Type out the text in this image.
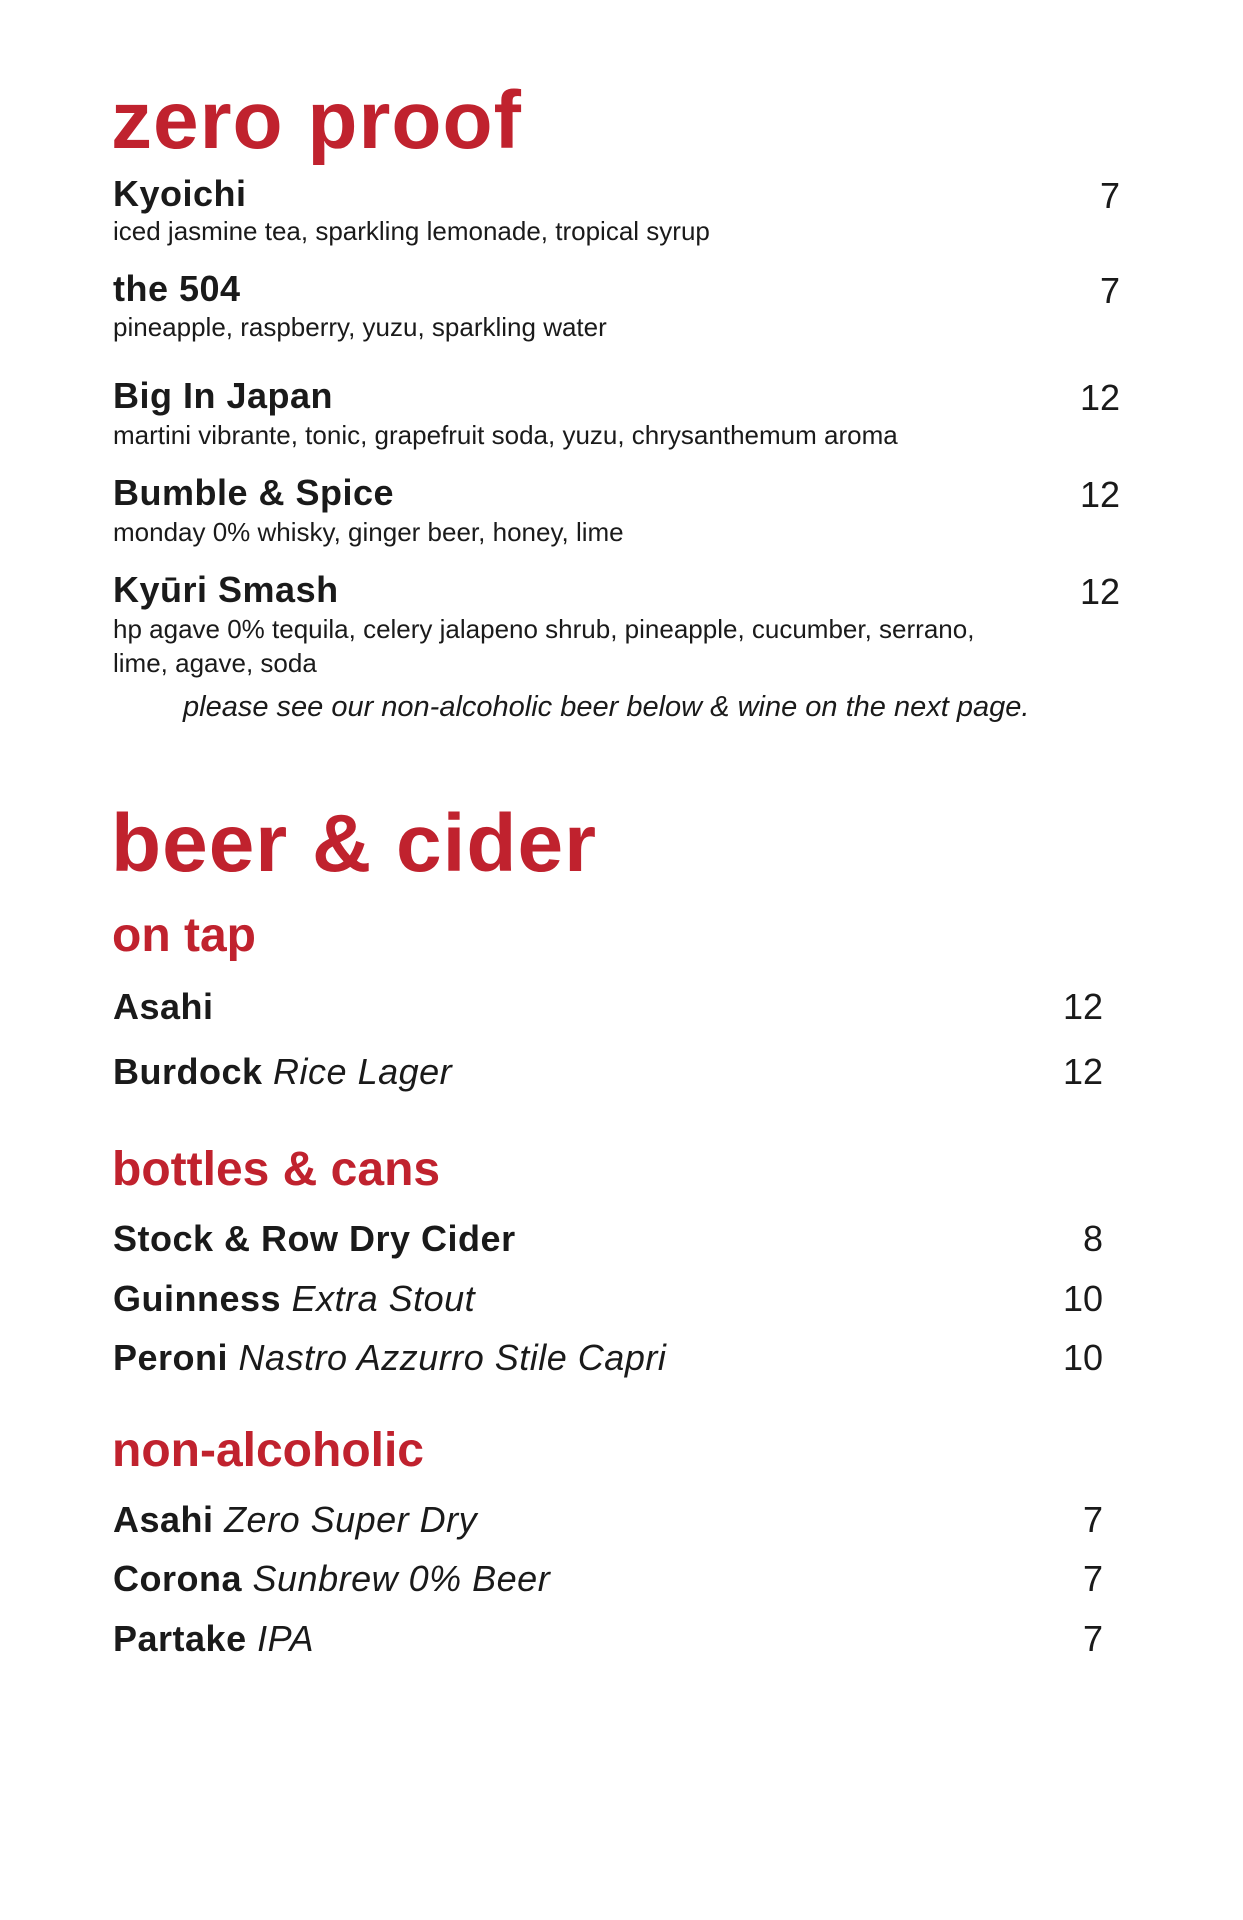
zero proof
Kyoichi	7
iced jasmine tea, sparkling lemonade, tropical syrup
the 504	7
pineapple, raspberry, yuzu, sparkling water
Big In Japan	12
martini vibrante, tonic, grapefruit soda, yuzu, chrysanthemum aroma
Bumble & Spice	12
monday 0% whisky, ginger beer, honey, lime
Kyūri Smash	12
hp agave 0% tequila, celery jalapeno shrub, pineapple, cucumber, serrano,
lime, agave, soda
please see our non-alcoholic beer below & wine on the next page.
beer & cider
on tap
Asahi	12
Burdock Rice Lager	12
bottles & cans
Stock & Row Dry Cider	8
Guinness Extra Stout	10
Peroni Nastro Azzurro Stile Capri	10
non-alcoholic
Asahi Zero Super Dry	7
Corona Sunbrew 0% Beer	7
Partake IPA	7
